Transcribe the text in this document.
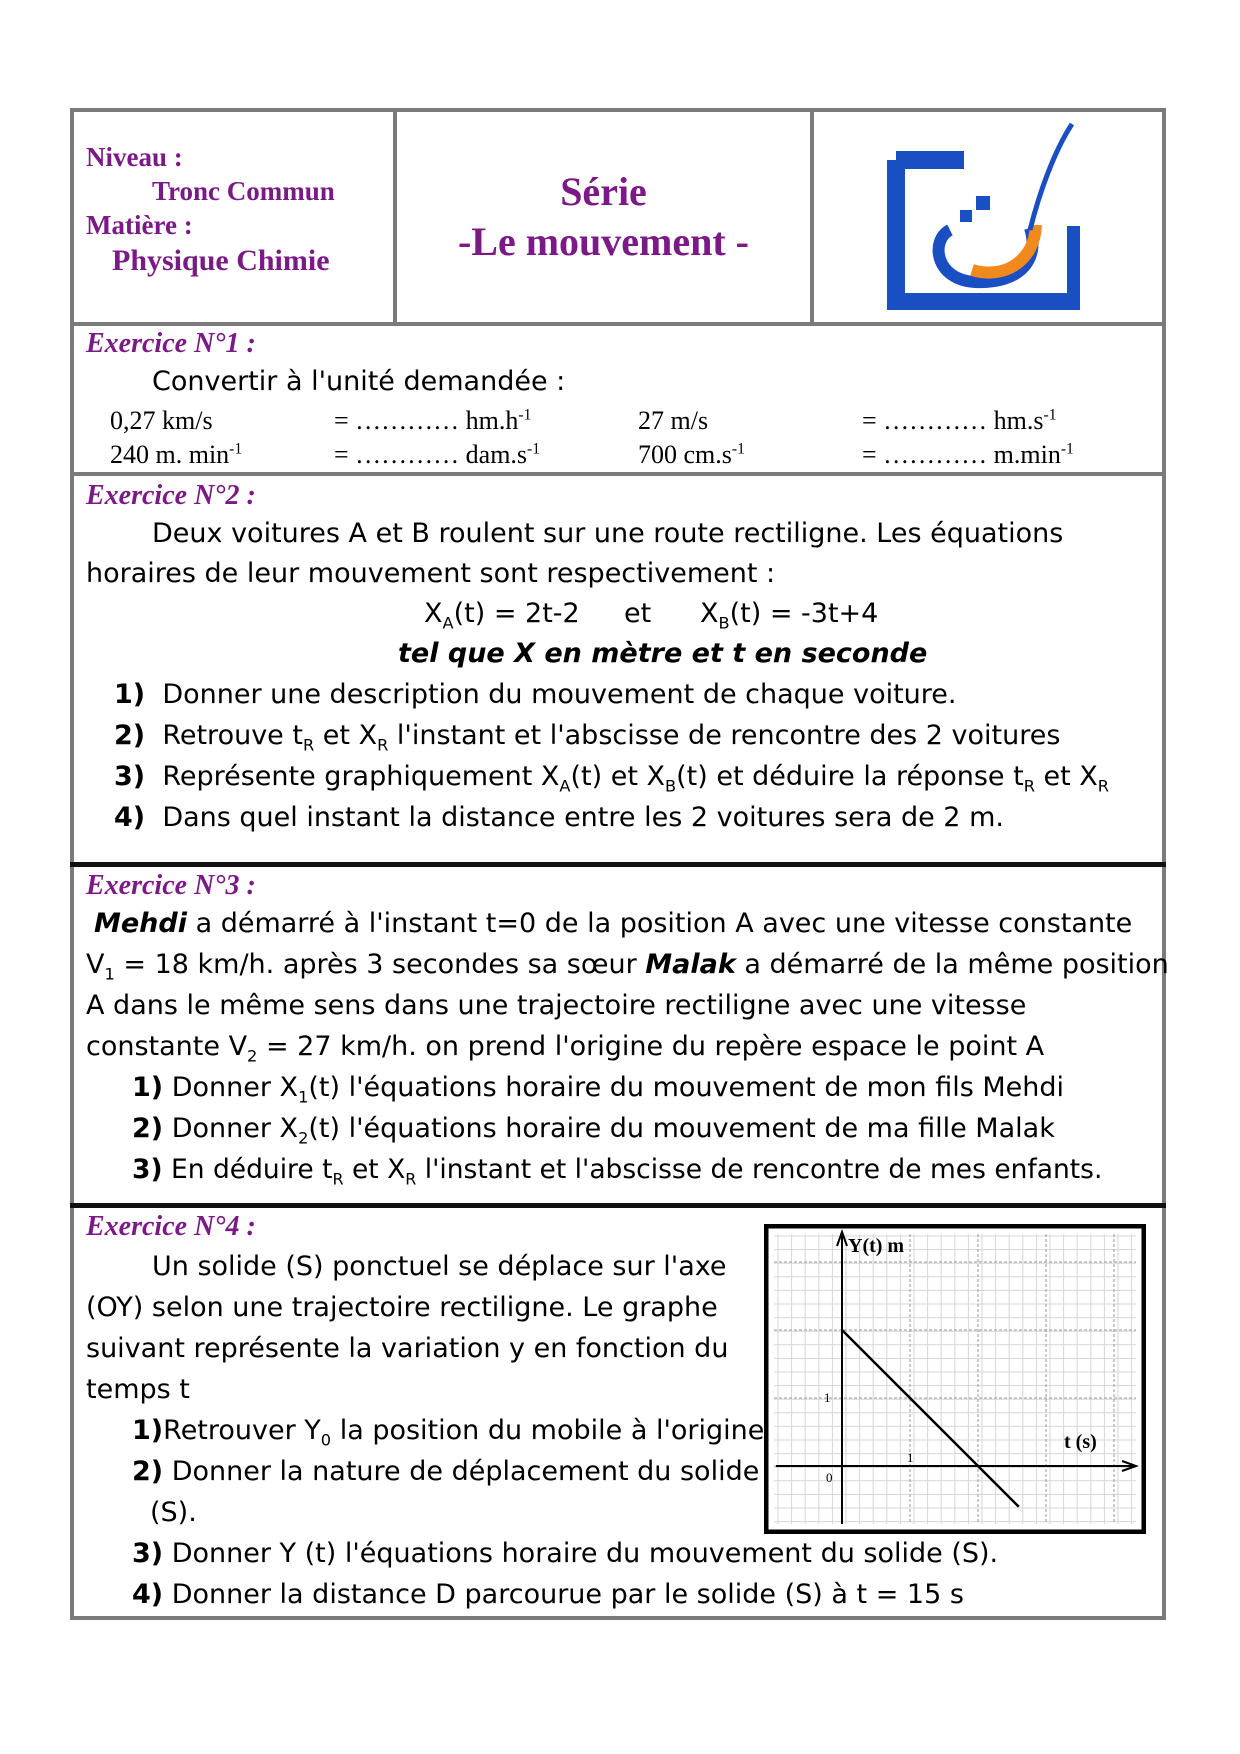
Niveau :
Tronc Commun
Matière :
Physique Chimie
Série
-Le mouvement -
Exercice N°1 :
Convertir à l'unité demandée :
0,27 km/s	= ………… $hm.h^{-1}$	27 m/s	= ………… $hm.s^{-1}$
240 m. $\min^{-1}$	= ………… $dam.s^{-1}$	700 $cm.s^{-1}$	= ………… $m.\min^{-1}$
Exercice N°2 :
Deux voitures A et B roulent sur une route rectiligne. Les équations
horaires de leur mouvement sont respectivement :
$X_A(t) = 2t-2$ et $X_B(t) = -3t+4$
tel que X en mètre et t en seconde
1) Donner une description du mouvement de chaque voiture.
2) Retrouve $t_R$ et $X_R$ l'instant et l'abscisse de rencontre des 2 voitures
3) Représente graphiquement $X_A(t)$ et $X_B(t)$ et déduire la réponse $t_R$ et $X_R$
4) Dans quel instant la distance entre les 2 voitures sera de 2 m.
Exercice N°3 :
Mehdi a démarré à l'instant t=0 de la position A avec une vitesse constante
$V_1 = 18$ km/h. après 3 secondes sa sœur Malak a démarré de la même position
A dans le même sens dans une trajectoire rectiligne avec une vitesse
constante $V_2 = 27$ km/h. on prend l'origine du repère espace le point A
1) Donner $X_1(t)$ l'équations horaire du mouvement de mon fils Mehdi
2) Donner $X_2(t)$ l'équations horaire du mouvement de ma fille Malak
3) En déduire $t_R$ et $X_R$ l'instant et l'abscisse de rencontre de mes enfants.
Exercice N°4 :
Un solide (S) ponctuel se déplace sur l'axe
(OY) selon une trajectoire rectiligne. Le graphe
suivant représente la variation y en fonction du
temps t
1)Retrouver $Y_0$ la position du mobile à l'origine
2) Donner la nature de déplacement du solide
(S).
3) Donner Y (t) l'équations horaire du mouvement du solide (S).
4) Donner la distance D parcourue par le solide (S) à t = 15 s
Y(t) m
t (s)
0
1
1
